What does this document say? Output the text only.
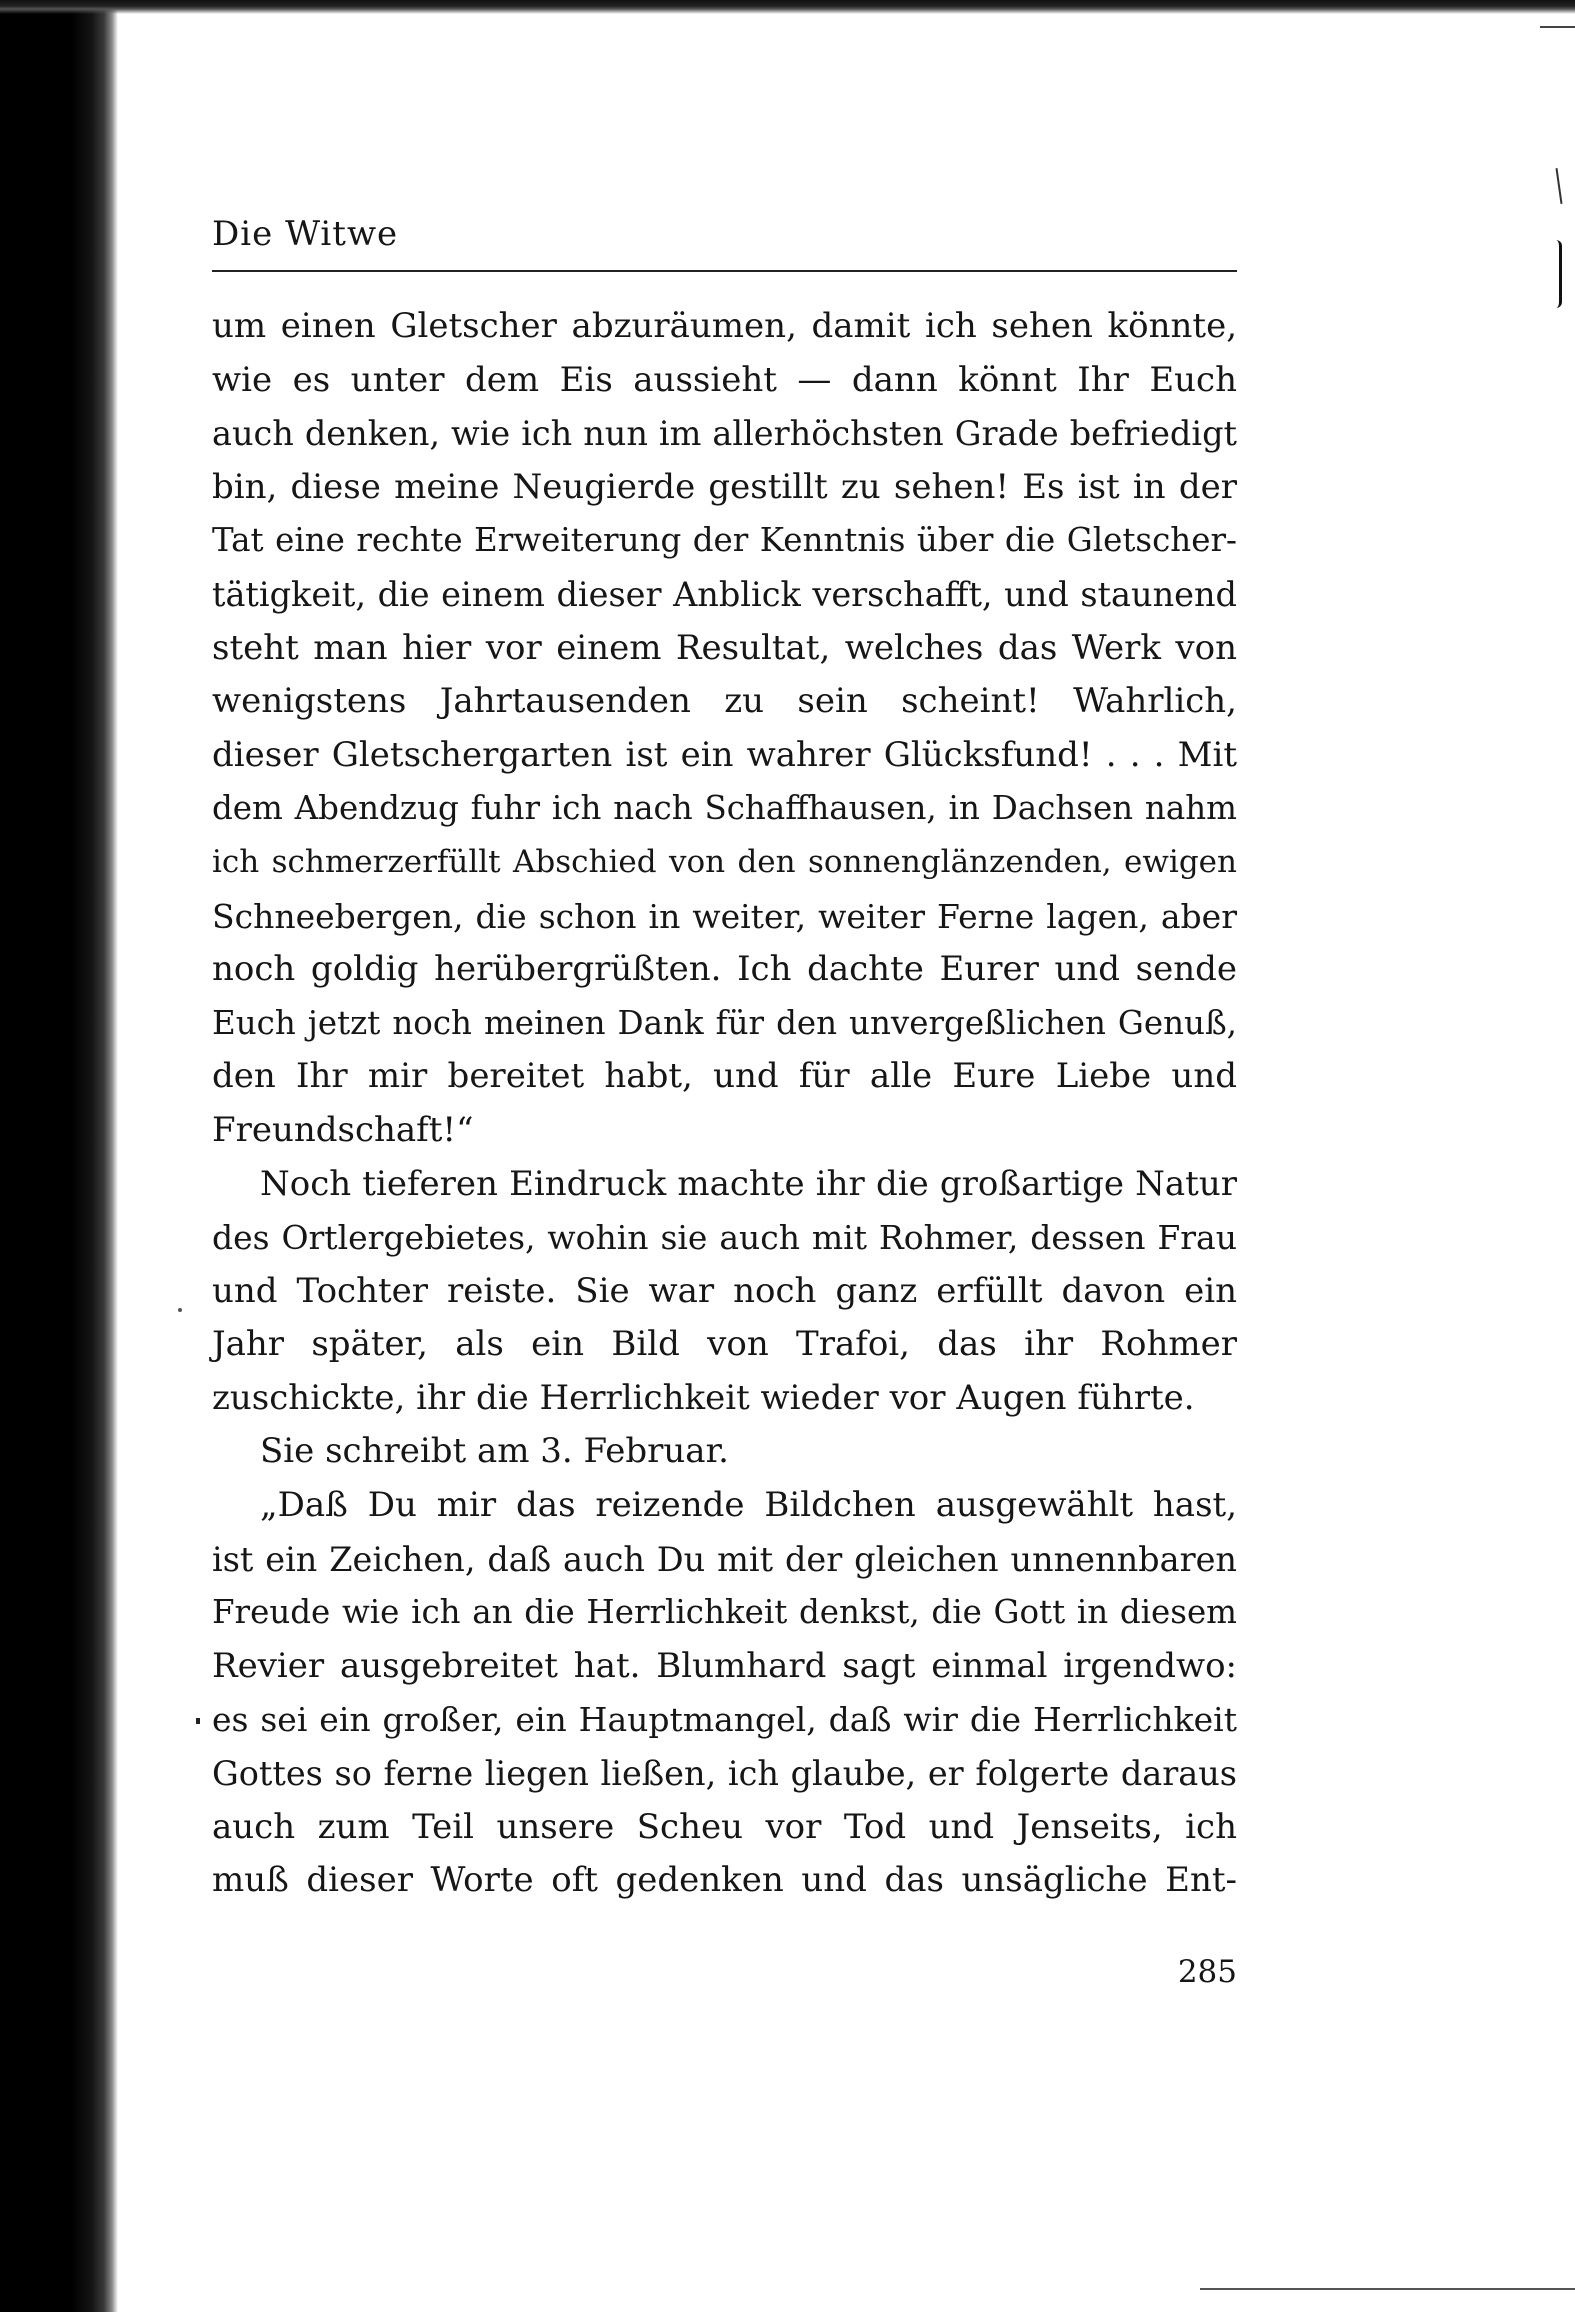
Die Witwe
um einen Gletscher abzuräumen, damit ich sehen könnte,
wie es unter dem Eis aussieht — dann könnt Ihr Euch
auch denken, wie ich nun im allerhöchsten Grade befriedigt
bin, diese meine Neugierde gestillt zu sehen! Es ist in der
Tat eine rechte Erweiterung der Kenntnis über die Gletscher-
tätigkeit, die einem dieser Anblick verschafft, und staunend
steht man hier vor einem Resultat, welches das Werk von
wenigstens Jahrtausenden zu sein scheint! Wahrlich,
dieser Gletschergarten ist ein wahrer Glücksfund! . . . Mit
dem Abendzug fuhr ich nach Schaffhausen, in Dachsen nahm
ich schmerzerfüllt Abschied von den sonnenglänzenden, ewigen
Schneebergen, die schon in weiter, weiter Ferne lagen, aber
noch goldig herübergrüßten. Ich dachte Eurer und sende
Euch jetzt noch meinen Dank für den unvergeßlichen Genuß,
den Ihr mir bereitet habt, und für alle Eure Liebe und
Freundschaft!“
Noch tieferen Eindruck machte ihr die großartige Natur
des Ortlergebietes, wohin sie auch mit Rohmer, dessen Frau
und Tochter reiste. Sie war noch ganz erfüllt davon ein
Jahr später, als ein Bild von Trafoi, das ihr Rohmer
zuschickte, ihr die Herrlichkeit wieder vor Augen führte.
Sie schreibt am 3. Februar.
„Daß Du mir das reizende Bildchen ausgewählt hast,
ist ein Zeichen, daß auch Du mit der gleichen unnennbaren
Freude wie ich an die Herrlichkeit denkst, die Gott in diesem
Revier ausgebreitet hat. Blumhard sagt einmal irgendwo:
es sei ein großer, ein Hauptmangel, daß wir die Herrlichkeit
Gottes so ferne liegen ließen, ich glaube, er folgerte daraus
auch zum Teil unsere Scheu vor Tod und Jenseits, ich
muß dieser Worte oft gedenken und das unsägliche Ent-
285
